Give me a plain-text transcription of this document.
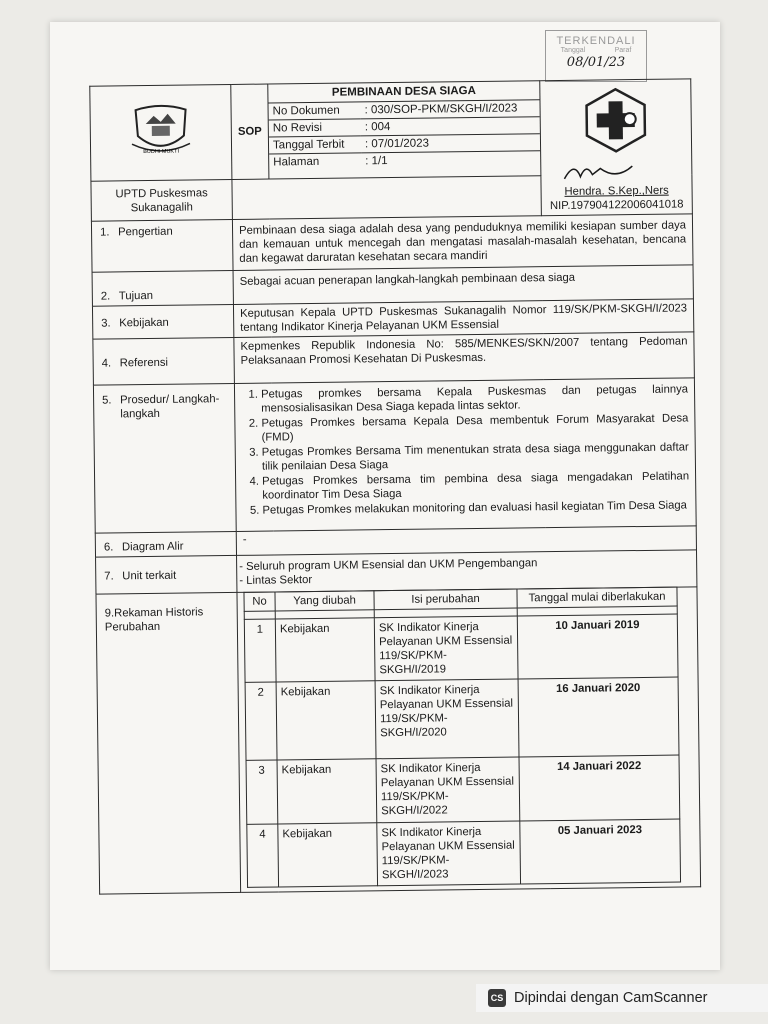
TERKENDALI
Tanggal	Paraf
08/01/23
BUDHI MUKTI
	SOP	
PEMBINAAN DESA SIAGA
No Dokumen	: 030/SOP-PKM/SKGH/I/2023
No Revisi	: 004
Tanggal Terbit	: 07/01/2023
Halaman	: 1/1

Hendra. S.Kep.,Ners
NIP.197904122006041018

UPTD Puskesmas Sukanagalih	

1. Pengertian	Pembinaan desa siaga adalah desa yang penduduknya memiliki kesiapan sumber daya dan kemauan untuk mencegah dan mengatasi masalah-masalah kesehatan, bencana dan kegawat daruratаn kesehatan secara mandiri

2. Tujuan
	Sebagai acuan penerapan langkah-langkah pembinaan desa siaga

3. Kebijakan
	Keputusan Kepala UPTD Puskesmas Sukanagalih Nomor 119/SK/PKM-SKGH/I/2023 tentang Indikator Kinerja Pelayanan UKM Essensial

4. Referensi
	Kepmenkes Republik Indonesia No: 585/MENKES/SKN/2007 tentang Pedoman Pelaksanaan Promosi Kesehatan Di Puskesmas.

5. Prosedur/ Langkah-langkah

1. Petugas promkes bersama Kepala Puskesmas dan petugas lainnya mensosialisasikan Desa Siaga kepada lintas sektor.
2. Petugas Promkes bersama Kepala Desa membentuk Forum Masyarakat Desa (FMD)
3. Petugas Promkes Bersama Tim menentukan strata desa siaga menggunakan daftar tilik penilaian Desa Siaga
4. Petugas Promkes bersama tim pembina desa siaga mengadakan Pelatihan koordinator Tim Desa Siaga
5. Petugas Promkes melakukan monitoring dan evaluasi hasil kegiatan Tim Desa Siaga

6. Diagram Alir
	-

7. Unit terkait

- Seluruh program UKM Esensial dan UKM Pengembangan
- Lintas Sektor

9.Rekaman Historis Perubahan	
No	Yang diubah	Isi perubahan	Tanggal mulai diberlakukan

1	Kebijakan	SK Indikator Kinerja Pelayanan UKM Essensial 119/SK/PKM-SKGH/I/2019	10 Januari 2019
2	Kebijakan	SK Indikator Kinerja Pelayanan UKM Essensial 119/SK/PKM-SKGH/I/2020	16 Januari 2020
3	Kebijakan	SK Indikator Kinerja Pelayanan UKM Essensial 119/SK/PKM-SKGH/I/2022	14 Januari 2022
4	Kebijakan	SK Indikator Kinerja Pelayanan UKM Essensial 119/SK/PKM-SKGH/I/2023	05 Januari 2023
CS Dipindai dengan CamScanner
